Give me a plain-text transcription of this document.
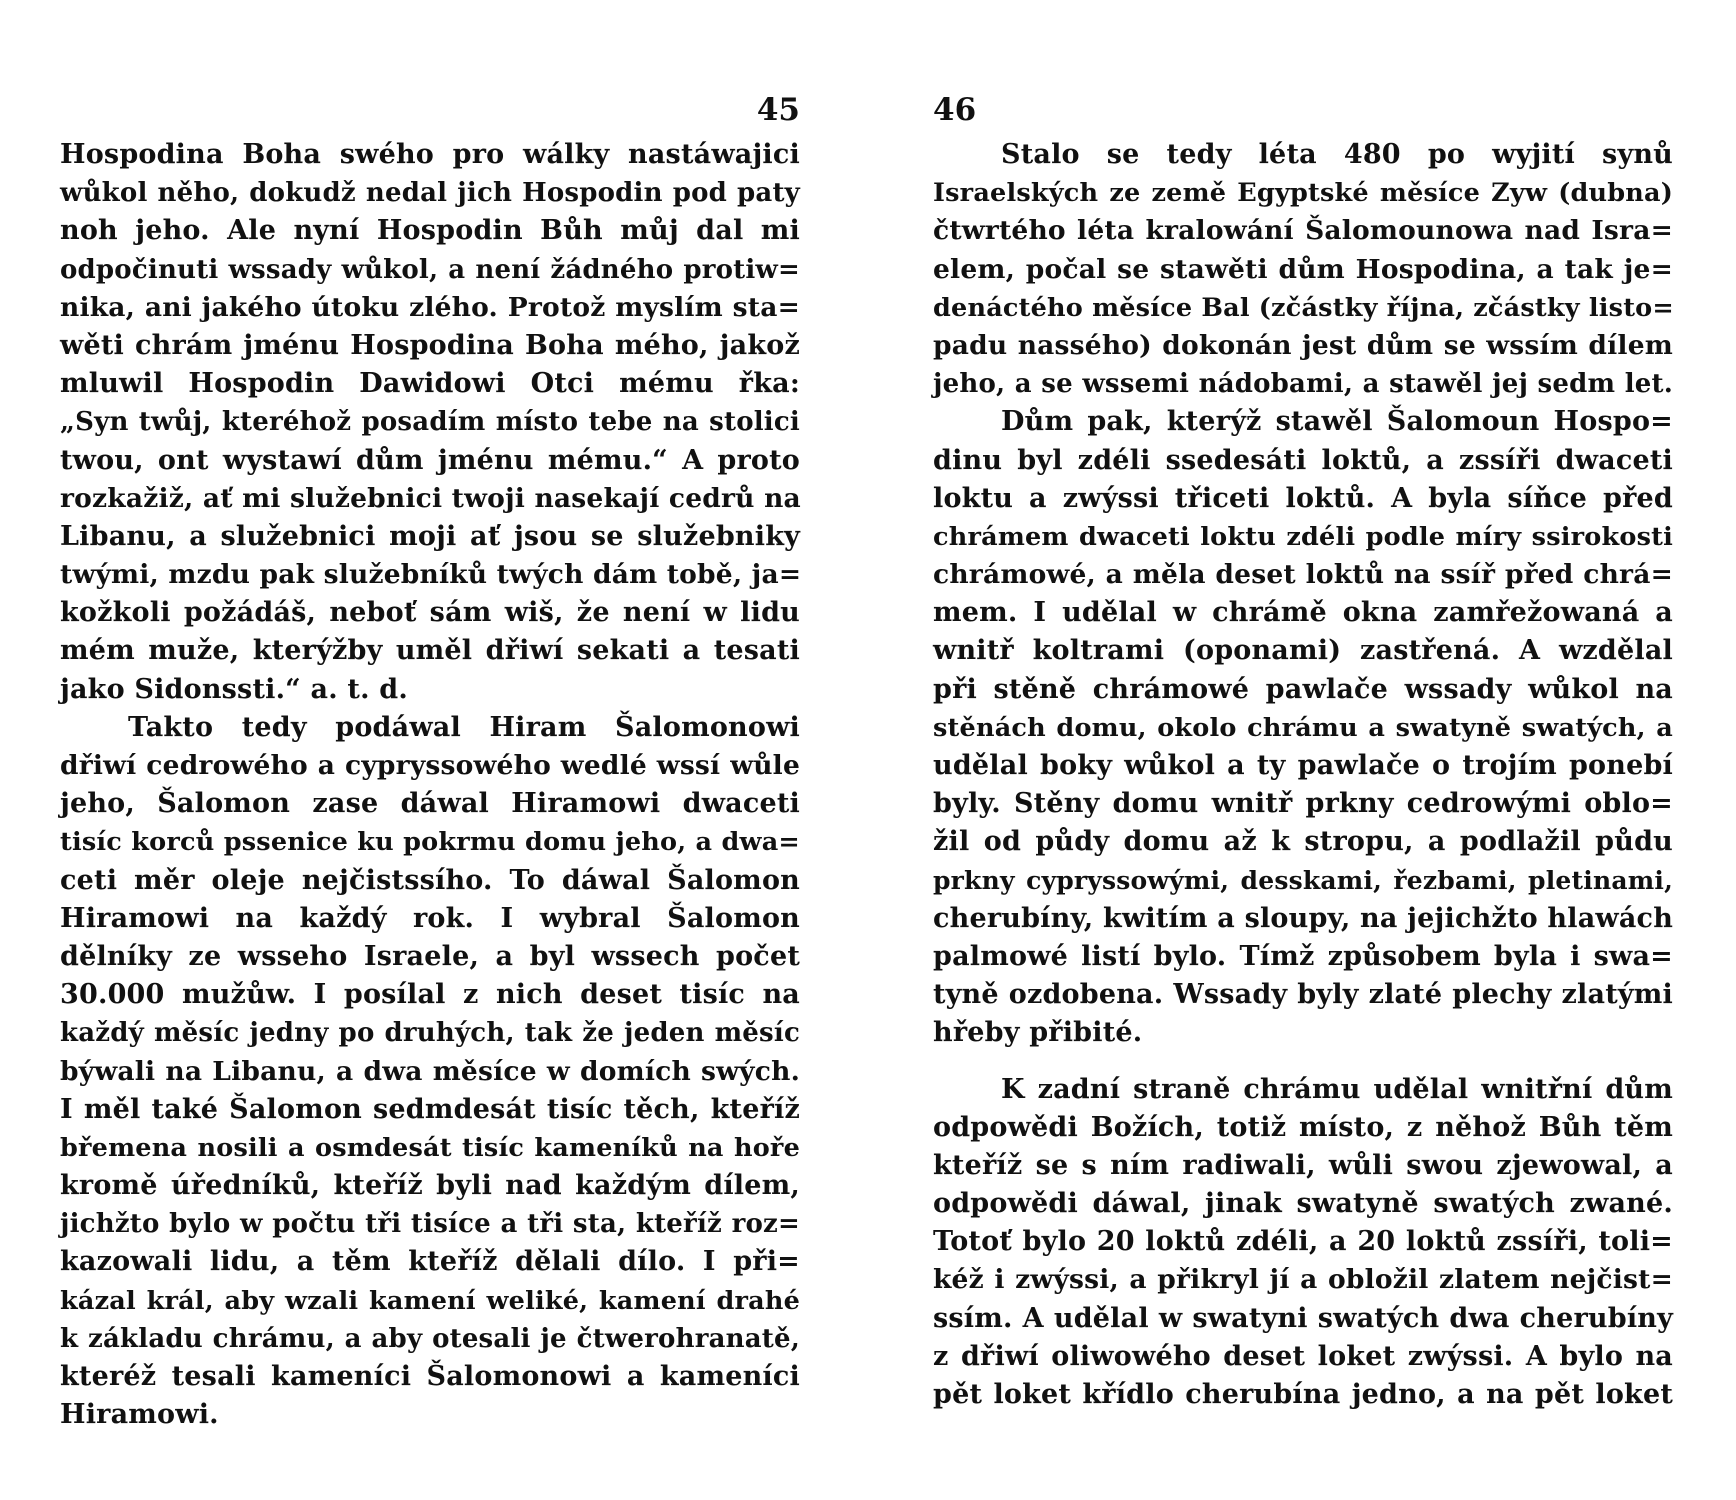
45
Hospodina Boha swého pro wálky nastáwajici
wůkol něho, dokudž nedal jich Hospodin pod paty
noh jeho. Ale nyní Hospodin Bůh můj dal mi
odpočinuti wssady wůkol, a není žádného protiw=
nika, ani jakého útoku zlého. Protož myslím sta=
wěti chrám jménu Hospodina Boha mého, jakož
mluwil Hospodin Dawidowi Otci mému řka:
„Syn twůj, kteréhož posadím místo tebe na stolici
twou, ont wystawí dům jménu mému.“ A proto
rozkažiž, ať mi služebnici twoji nasekají cedrů na
Libanu, a služebnici moji ať jsou se služebniky
twými, mzdu pak služebníků twých dám tobě, ja=
kožkoli požádáš, neboť sám wiš, že není w lidu
mém muže, kterýžby uměl dřiwí sekati a tesati
jako Sidonssti.“ a. t. d.
Takto tedy podáwal Hiram Šalomonowi
dřiwí cedrowého a cypryssowého wedlé wssí wůle
jeho, Šalomon zase dáwal Hiramowi dwaceti
tisíc korců pssenice ku pokrmu domu jeho, a dwa=
ceti měr oleje nejčistssího. To dáwal Šalomon
Hiramowi na každý rok. I wybral Šalomon
dělníky ze wsseho Israele, a byl wssech počet
30.000 mužůw. I posílal z nich deset tisíc na
každý měsíc jedny po druhých, tak že jeden měsíc
býwali na Libanu, a dwa měsíce w domích swých.
I měl také Šalomon sedmdesát tisíc těch, kteříž
břemena nosili a osmdesát tisíc kameníků na hoře
kromě úředníků, kteříž byli nad každým dílem,
jichžto bylo w počtu tři tisíce a tři sta, kteříž roz=
kazowali lidu, a těm kteříž dělali dílo. I při=
kázal král, aby wzali kamení weliké, kamení drahé
k základu chrámu, a aby otesali je čtwerohranatě,
kteréž tesali kameníci Šalomonowi a kameníci
Hiramowi.
46
Stalo se tedy léta 480 po wyjití synů
Israelských ze země Egyptské měsíce Zyw (dubna)
čtwrtého léta kralowání Šalomounowa nad Isra=
elem, počal se stawěti dům Hospodina, a tak je=
denáctého měsíce Bal (zčástky října, zčástky listo=
padu nassého) dokonán jest dům se wssím dílem
jeho, a se wssemi nádobami, a stawěl jej sedm let.
Dům pak, kterýž stawěl Šalomoun Hospo=
dinu byl zdéli ssedesáti loktů, a zssíři dwaceti
loktu a zwýssi třiceti loktů. A byla síňce před
chrámem dwaceti loktu zdéli podle míry ssirokosti
chrámowé, a měla deset loktů na ssíř před chrá=
mem. I udělal w chrámě okna zamřežowaná a
wnitř koltrami (oponami) zastřená. A wzdělal
při stěně chrámowé pawlače wssady wůkol na
stěnách domu, okolo chrámu a swatyně swatých, a
udělal boky wůkol a ty pawlače o trojím ponebí
byly. Stěny domu wnitř prkny cedrowými oblo=
žil od půdy domu až k stropu, a podlažil půdu
prkny cypryssowými, desskami, řezbami, pletinami,
cherubíny, kwitím a sloupy, na jejichžto hlawách
palmowé listí bylo. Tímž způsobem byla i swa=
tyně ozdobena. Wssady byly zlaté plechy zlatými
hřeby přibité.
K zadní straně chrámu udělal wnitřní dům
odpowědi Božích, totiž místo, z něhož Bůh těm
kteříž se s ním radiwali, wůli swou zjewowal, a
odpowědi dáwal, jinak swatyně swatých zwané.
Totoť bylo 20 loktů zdéli, a 20 loktů zssíři, toli=
kéž i zwýssi, a přikryl jí a obložil zlatem nejčist=
ssím. A udělal w swatyni swatých dwa cherubíny
z dřiwí oliwowého deset loket zwýssi. A bylo na
pět loket křídlo cherubína jedno, a na pět loket
